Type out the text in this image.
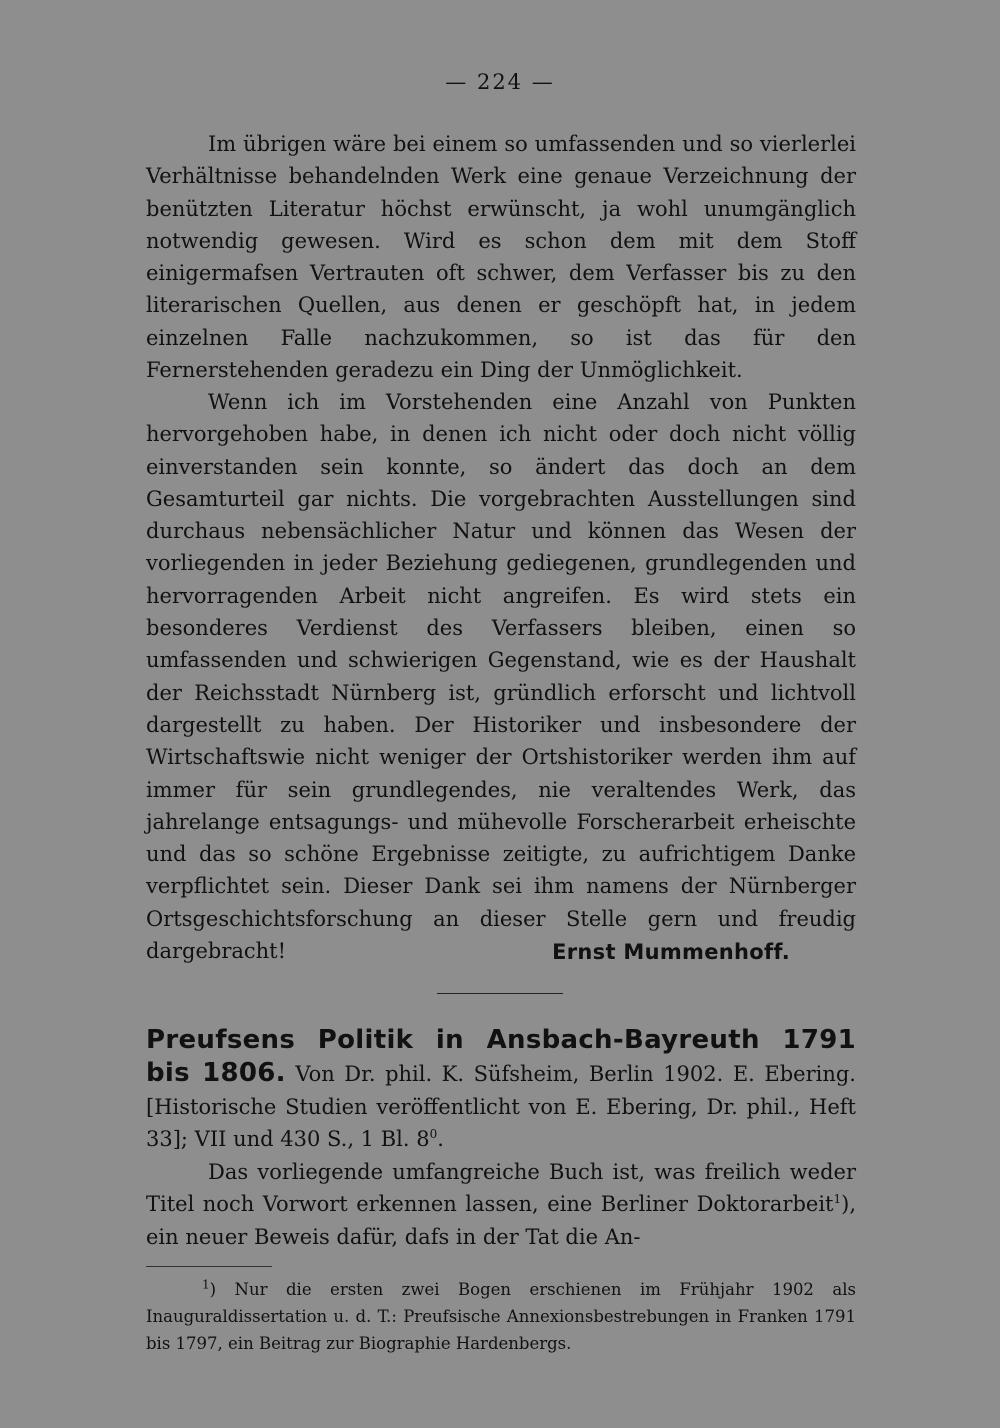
— 224 —
Im übrigen wäre bei einem so umfassenden und so vierlerlei Verhältnisse behandelnden Werk eine genaue Verzeichnung der benützten Literatur höchst erwünscht, ja wohl unumgänglich notwendig gewesen. Wird es schon dem mit dem Stoff einigermafsen Vertrauten oft schwer, dem Verfasser bis zu den literarischen Quellen, aus denen er geschöpft hat, in jedem einzelnen Falle nachzukommen, so ist das für den Fernerstehenden geradezu ein Ding der Unmöglichkeit.
Wenn ich im Vorstehenden eine Anzahl von Punkten hervorgehoben habe, in denen ich nicht oder doch nicht völlig einverstanden sein konnte, so ändert das doch an dem Gesamturteil gar nichts. Die vorgebrachten Ausstellungen sind durchaus nebensächlicher Natur und können das Wesen der vorliegenden in jeder Beziehung gediegenen, grundlegenden und hervorragenden Arbeit nicht angreifen. Es wird stets ein besonderes Verdienst des Verfassers bleiben, einen so umfassenden und schwierigen Gegenstand, wie es der Haushalt der Reichsstadt Nürnberg ist, gründlich erforscht und lichtvoll dargestellt zu haben. Der Historiker und insbesondere der Wirtschaftswie nicht weniger der Ortshistoriker werden ihm auf immer für sein grundlegendes, nie veraltendes Werk, das jahrelange entsagungs- und mühevolle Forscherarbeit erheischte und das so schöne Ergebnisse zeitigte, zu aufrichtigem Danke verpflichtet sein. Dieser Dank sei ihm namens der Nürnberger Ortsgeschichtsforschung an dieser Stelle gern und freudig dargebracht!	Ernst Mummenhoff.
Preufsens Politik in Ansbach-Bayreuth 1791 bis 1806. Von Dr. phil. K. Süfsheim, Berlin 1902. E. Ebering. [Historische Studien veröffentlicht von E. Ebering, Dr. phil., Heft 33]; VII und 430 S., 1 Bl. $8^0$.
Das vorliegende umfangreiche Buch ist, was freilich weder Titel noch Vorwort erkennen lassen, eine Berliner Doktorarbeit$^1$), ein neuer Beweis dafür, dafs in der Tat die An-
$^1$) Nur die ersten zwei Bogen erschienen im Frühjahr 1902 als Inauguraldissertation u. d. T.: Preufsische Annexionsbestrebungen in Franken 1791 bis 1797, ein Beitrag zur Biographie Hardenbergs.
